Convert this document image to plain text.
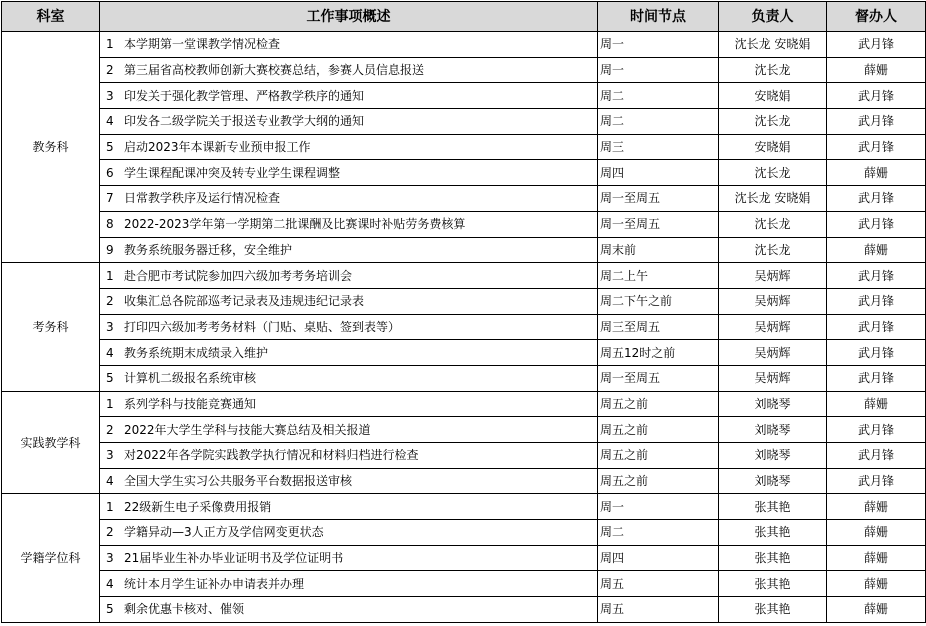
科室	工作事项概述	时间节点	负责人	督办人
教务科	1 本学期第一堂课教学情况检查	周一	沈长龙 安晓娟	武月锋
	2 第三届省高校教师创新大赛校赛总结，参赛人员信息报送	周一	沈长龙	薛姗
	3 印发关于强化教学管理、严格教学秩序的通知	周二	安晓娟	武月锋
	4 印发各二级学院关于报送专业教学大纲的通知	周二	沈长龙	武月锋
	5 启动2023年本课新专业预申报工作	周三	安晓娟	武月锋
	6 学生课程配课冲突及转专业学生课程调整	周四	沈长龙	薛姗
	7 日常教学秩序及运行情况检查	周一至周五	沈长龙 安晓娟	武月锋
	8 2022-2023学年第一学期第二批课酬及比赛课时补贴劳务费核算	周一至周五	沈长龙	武月锋
	9 教务系统服务器迁移，安全维护	周末前	沈长龙	薛姗
考务科	1 赴合肥市考试院参加四六级加考考务培训会	周二上午	吴炳辉	武月锋
	2 收集汇总各院部巡考记录表及违规违纪记录表	周二下午之前	吴炳辉	武月锋
	3 打印四六级加考考务材料（门贴、桌贴、签到表等）	周三至周五	吴炳辉	武月锋
	4 教务系统期末成绩录入维护	周五12时之前	吴炳辉	武月锋
	5 计算机二级报名系统审核	周一至周五	吴炳辉	武月锋
实践教学科	1 系列学科与技能竞赛通知	周五之前	刘晓琴	薛姗
	2 2022年大学生学科与技能大赛总结及相关报道	周五之前	刘晓琴	武月锋
	3 对2022年各学院实践教学执行情况和材料归档进行检查	周五之前	刘晓琴	武月锋
	4 全国大学生实习公共服务平台数据报送审核	周五之前	刘晓琴	武月锋
学籍学位科	1 22级新生电子采像费用报销	周一	张其艳	薛姗
	2 学籍异动—3人正方及学信网变更状态	周二	张其艳	薛姗
	3 21届毕业生补办毕业证明书及学位证明书	周四	张其艳	薛姗
	4 统计本月学生证补办申请表并办理	周五	张其艳	薛姗
	5 剩余优惠卡核对、催领	周五	张其艳	薛姗
